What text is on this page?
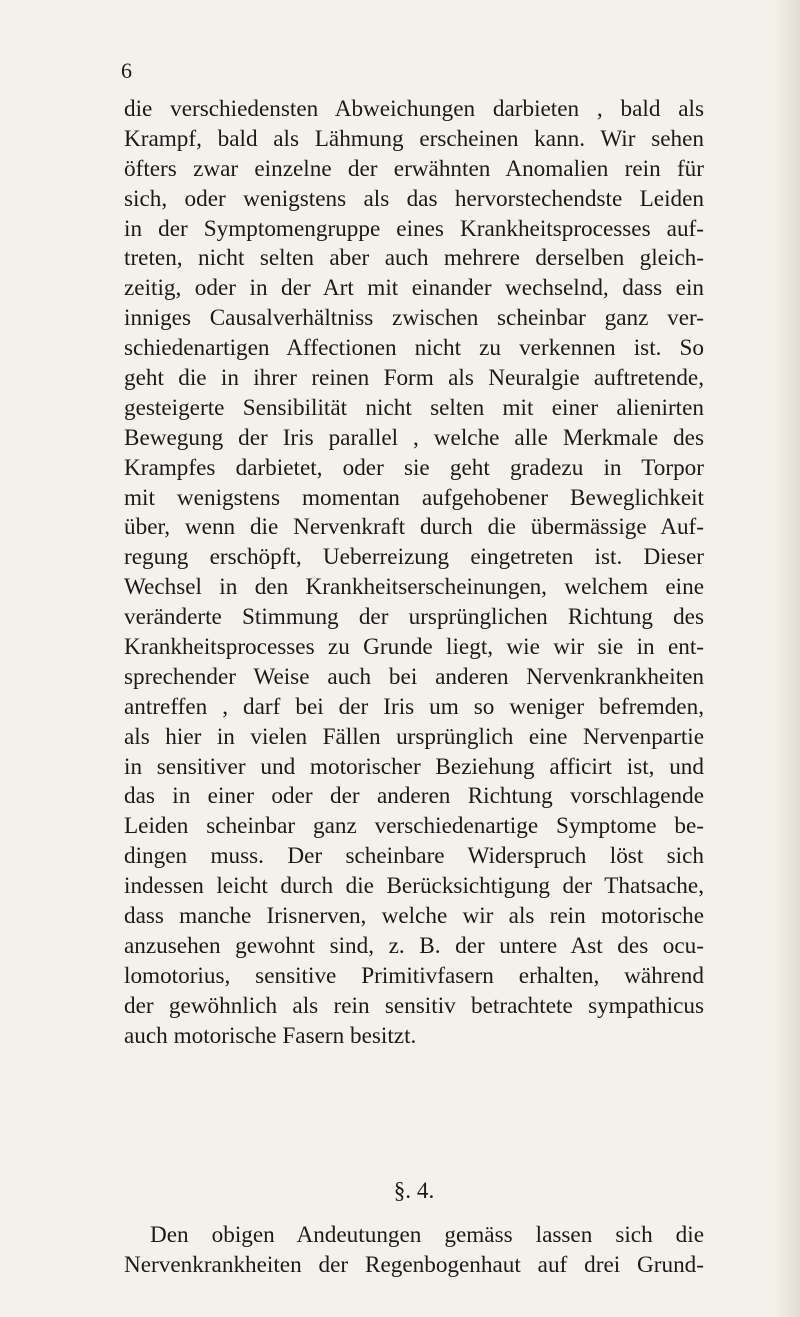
6
die verschiedensten Abweichungen darbieten , bald als
Krampf, bald als Lähmung erscheinen kann. Wir sehen
öfters zwar einzelne der erwähnten Anomalien rein für
sich, oder wenigstens als das hervorstechendste Leiden
in der Symptomengruppe eines Krankheitsprocesses auf-
treten, nicht selten aber auch mehrere derselben gleich-
zeitig, oder in der Art mit einander wechselnd, dass ein
inniges Causalverhältniss zwischen scheinbar ganz ver-
schiedenartigen Affectionen nicht zu verkennen ist. So
geht die in ihrer reinen Form als Neuralgie auftretende,
gesteigerte Sensibilität nicht selten mit einer alienirten
Bewegung der Iris parallel , welche alle Merkmale des
Krampfes darbietet, oder sie geht gradezu in Torpor
mit wenigstens momentan aufgehobener Beweglichkeit
über, wenn die Nervenkraft durch die übermässige Auf-
regung erschöpft, Ueberreizung eingetreten ist. Dieser
Wechsel in den Krankheitserscheinungen, welchem eine
veränderte Stimmung der ursprünglichen Richtung des
Krankheitsprocesses zu Grunde liegt, wie wir sie in ent-
sprechender Weise auch bei anderen Nervenkrankheiten
antreffen , darf bei der Iris um so weniger befremden,
als hier in vielen Fällen ursprünglich eine Nervenpartie
in sensitiver und motorischer Beziehung afficirt ist, und
das in einer oder der anderen Richtung vorschlagende
Leiden scheinbar ganz verschiedenartige Symptome be-
dingen muss. Der scheinbare Widerspruch löst sich
indessen leicht durch die Berücksichtigung der Thatsache,
dass manche Irisnerven, welche wir als rein motorische
anzusehen gewohnt sind, z. B. der untere Ast des ocu-
lomotorius, sensitive Primitivfasern erhalten, während
der gewöhnlich als rein sensitiv betrachtete sympathicus
auch motorische Fasern besitzt.
§. 4.
Den obigen Andeutungen gemäss lassen sich die
Nervenkrankheiten der Regenbogenhaut auf drei Grund-
